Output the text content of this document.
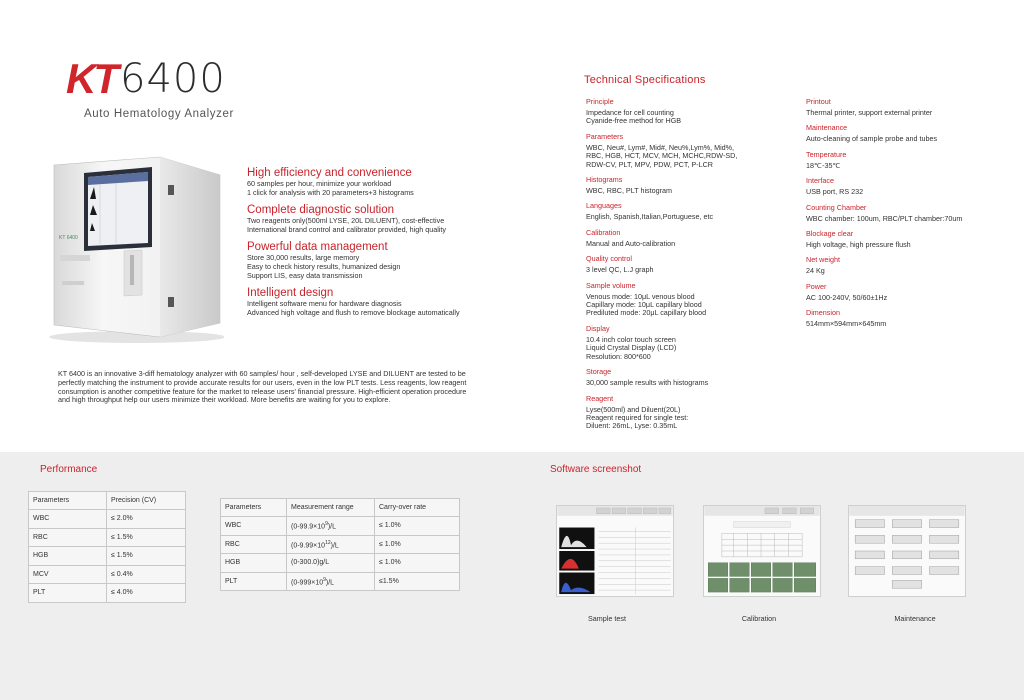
KT 6400
Auto Hematology Analyzer
KT 6400
High efficiency and convenience
60 samples per hour, minimize your workload
1 click for analysis with 20 parameters+3 histograms
Complete diagnostic solution
Two reagents only(500ml LYSE, 20L DILUENT), cost-effective
International brand control and calibrator provided, high quality
Powerful data management
Store 30,000 results, large memory
Easy to check history results, humanized design
Support LIS, easy data transmission
Intelligent design
Intelligent software menu for hardware diagnosis
Advanced high voltage and flush to remove blockage automatically
KT 6400 is an innovative 3-diff hematology analyzer with 60 samples/ hour , self-developed LYSE and DILUENT are tested to be perfectly matching the instrument to provide accurate results for our users, even in the low PLT tests. Less reagents, low reagent consumption is another competitive feature for the market to release users' financial pressure. High-efficient operation procedure and high throughput help our users minimize their workload. More benefits are waiting for you to explore.
Technical Specifications
Principle
Impedance for cell counting
Cyanide-free method for HGB
Parameters
WBC, Neu#, Lym#, Mid#, Neu%,Lym%, Mid%,
RBC, HGB, HCT, MCV, MCH, MCHC,RDW-SD,
RDW-CV, PLT, MPV, PDW, PCT, P-LCR
Histograms
WBC, RBC, PLT histogram
Languages
English, Spanish,Italian,Portuguese, etc
Calibration
Manual and Auto-calibration
Quality control
3 level QC, L.J graph
Sample volume
Venous mode: 10μL venous blood
Capillary mode: 10μL capillary blood
Prediluted mode: 20μL capillary blood
Display
10.4 inch color touch screen
Liquid Crystal Display (LCD)
Resolution: 800*600
Storage
30,000 sample results with histograms
Reagent
Lyse(500ml) and Diluent(20L)
Reagent required for single test:
Diluent: 26mL, Lyse: 0.35mL
Printout
Thermal printer, support external printer
Maintenance
Auto-cleaning of sample probe and tubes
Temperature
18℃-35℃
Interface
USB port, RS 232
Counting Chamber
WBC chamber: 100um, RBC/PLT chamber:70um
Blockage clear
High voltage, high pressure flush
Net weight
24 Kg
Power
AC 100-240V, 50/60±1Hz
Dimension
514mm×594mm×645mm
Performance	Software screenshot
Parameters	Precision (CV)
WBC	≤ 2.0%
RBC	≤ 1.5%
HGB	≤ 1.5%
MCV	≤ 0.4%
PLT	≤ 4.0%
Parameters	Measurement range	Carry-over rate
WBC	$(0-99.9\times 10^9)/L$	≤ 1.0%
RBC	$(0-9.99\times 10^{12})/L$	≤ 1.0%
HGB	(0-300.0)g/L	≤ 1.0%
PLT	$(0-999\times 10^9)/L$	≤1.5%
Sample test	Calibration	Maintenance
